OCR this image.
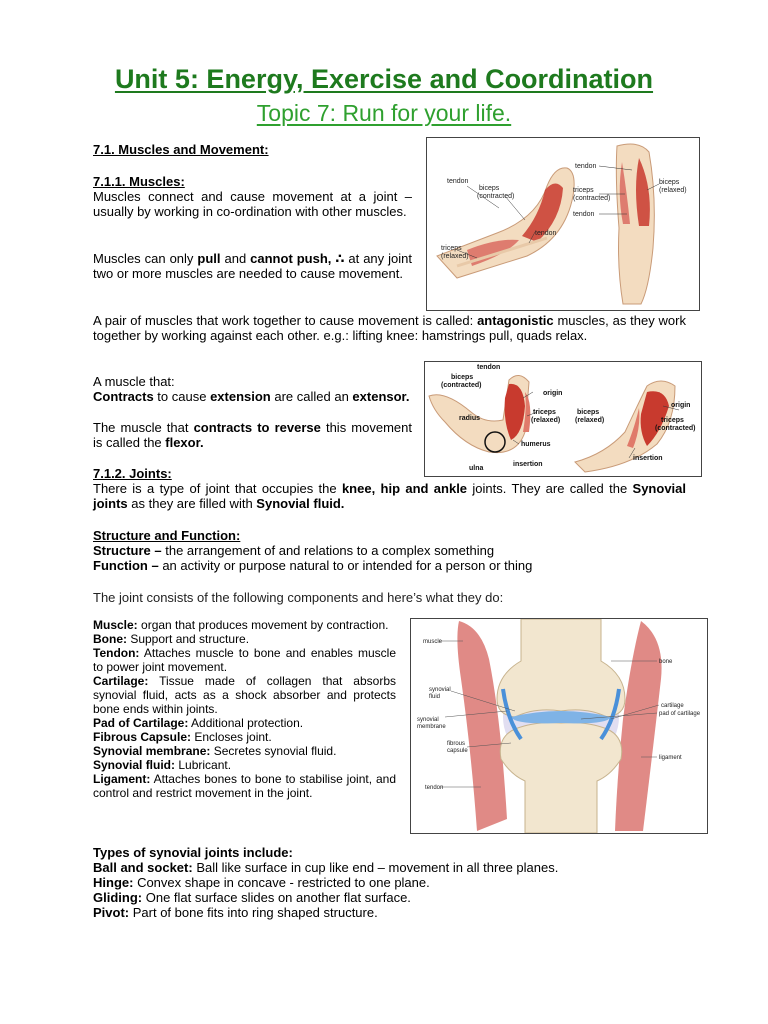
Unit 5: Energy, Exercise and Coordination
Topic 7: Run for your life.
7.1. Muscles and Movement:
7.1.1. Muscles:
Muscles connect and cause movement at a joint – usually by working in co-ordination with other muscles.
Muscles can only pull and cannot push, ∴ at any joint two or more muscles are needed to cause movement.
tendon
biceps
(contracted)
tendon
triceps
(relaxed)
tendon
triceps
(contracted)
tendon
biceps
(relaxed)
A pair of muscles that work together to cause movement is called: antagonistic muscles, as they work together by working against each other. e.g.: lifting knee: hamstrings pull, quads relax.
A muscle that:
Contracts to cause extension are called an extensor.
The muscle that contracts to reverse this movement is called the flexor.
tendon
biceps
(contracted)
origin
triceps
(relaxed)
radius
humerus
ulna
insertion
biceps
(relaxed)
origin
triceps
(contracted)
insertion
7.1.2. Joints:
There is a type of joint that occupies the knee, hip and ankle joints. They are called the Synovial joints as they are filled with Synovial fluid.
Structure and Function:
Structure – the arrangement of and relations to a complex something
Function – an activity or purpose natural to or intended for a person or thing
The joint consists of the following components and here’s what they do:
Muscle: organ that produces movement by contraction.
Bone: Support and structure.
Tendon: Attaches muscle to bone and enables muscle to power joint movement.
Cartilage: Tissue made of collagen that absorbs synovial fluid, acts as a shock absorber and protects bone ends within joints.
Pad of Cartilage: Additional protection.
Fibrous Capsule: Encloses joint.
Synovial membrane: Secretes synovial fluid.
Synovial fluid: Lubricant.
Ligament: Attaches bones to bone to stabilise joint, and control and restrict movement in the joint.
muscle
bone
synovial
fluid
synovial
membrane
cartilage
pad of cartilage
fibrous
capsule
ligament
tendon
Types of synovial joints include:
Ball and socket: Ball like surface in cup like end – movement in all three planes.
Hinge: Convex shape in concave - restricted to one plane.
Gliding: One flat surface slides on another flat surface.
Pivot: Part of bone fits into ring shaped structure.
